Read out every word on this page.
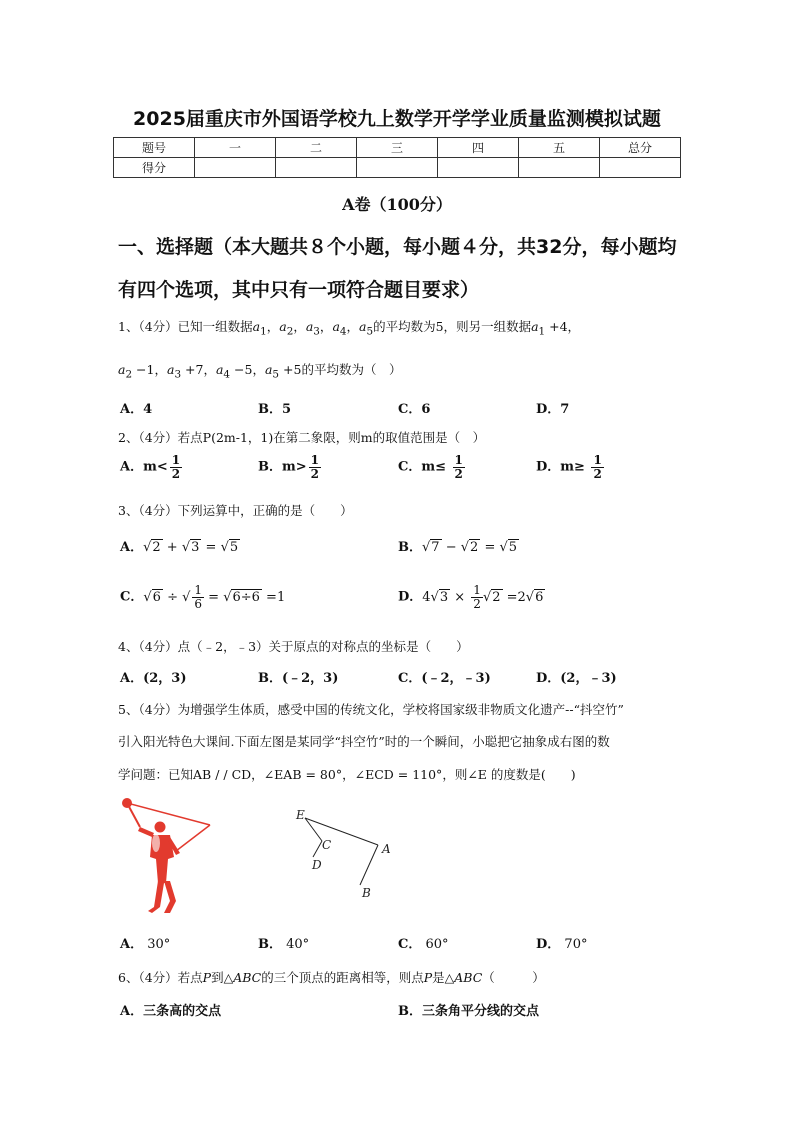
2025届重庆市外国语学校九上数学开学学业质量监测模拟试题
题号	一	二	三	四	五	总分
得分						
A卷（100分）
一、选择题（本大题共８个小题，每小题４分，共32分，每小题均
有四个选项，其中只有一项符合题目要求）
1、（4分）已知一组数据$a_1$，$a_2$，$a_3$，$a_4$，$a_5$的平均数为5，则另一组数据$a_1 +4$，
$a_2 -1$，$a_3 +7$，$a_4 -5$，$a_5 +5$的平均数为（　）
A．4	B．5	C．6	D．7
2、（4分）若点P(2m-1，1)在第二象限，则m的取值范围是（　）
A．$m< \frac{1}{2}$	B．$m> \frac{1}{2}$	C．$m\le \frac{1}{2}$	D．$m\ge \frac{1}{2}$
3、（4分）下列运算中，正确的是（　　）
A．√2 + √3 = √5	B．√7 − √2 = √5
C．√6 ÷ √ $\frac{1}{6} = √6\div 6 =1$	D．$4√3 \times \frac{1}{2} √2 =2√6$
4、（4分）点（﹣2，﹣3）关于原点的对称点的坐标是（　　）
A．(2，3)	B．(﹣2，3)	C．(﹣2，﹣3)	D．(2，﹣3)
5、（4分）为增强学生体质，感受中国的传统文化，学校将国家级非物质文化遗产--“抖空竹”
引入阳光特色大课间.下面左图是某同学“抖空竹”时的一个瞬间，小聪把它抽象成右图的数
学问题：已知AB / / CD，∠EAB = 80°，∠ECD = 110°，则∠E 的度数是(　　)
E
C
D
A
B
A． 30°	B． 40°	C． 60°	D． 70°
6、（4分）若点P到△ABC的三个顶点的距离相等，则点P是△ABC（　　　）
A．三条高的交点	B．三条角平分线的交点
